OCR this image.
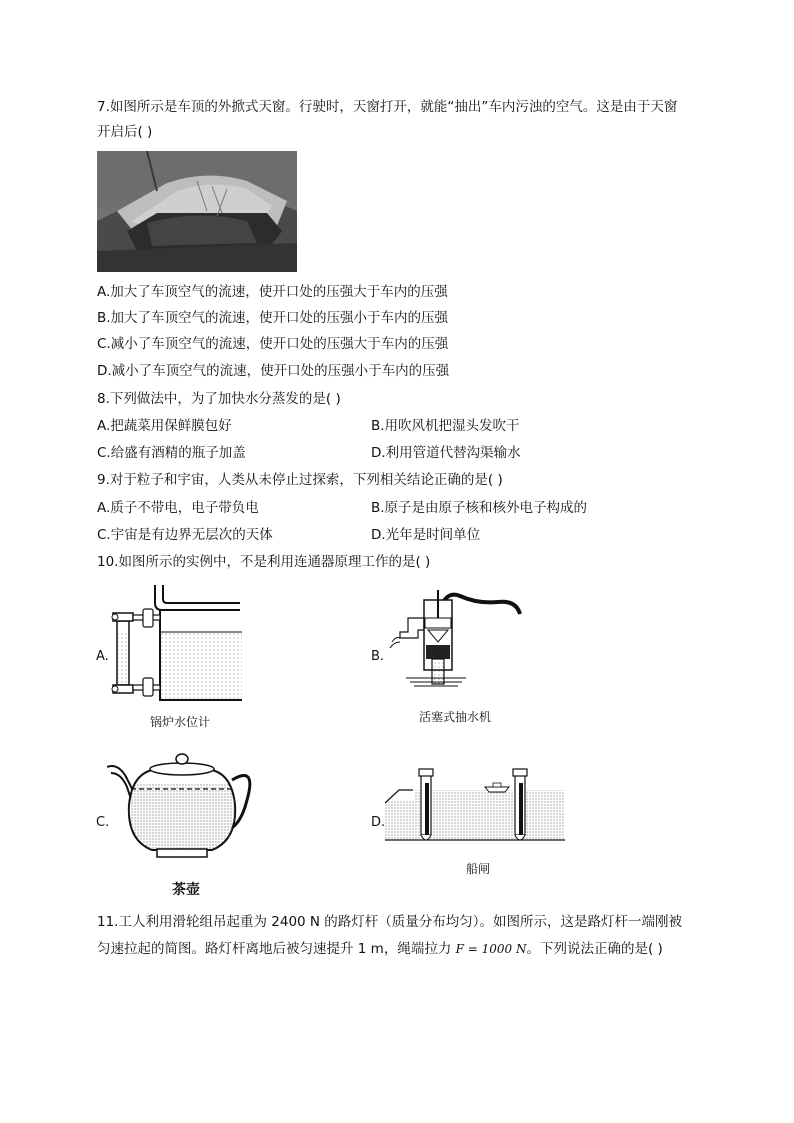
7.如图所示是车顶的外掀式天窗。行驶时，天窗打开，就能“抽出”车内污浊的空气。这是由于天窗
开启后( )
A.加大了车顶空气的流速，使开口处的压强大于车内的压强
B.加大了车顶空气的流速，使开口处的压强小于车内的压强
C.减小了车顶空气的流速，使开口处的压强大于车内的压强
D.减小了车顶空气的流速，使开口处的压强小于车内的压强
8.下列做法中，为了加快水分蒸发的是( )
A.把蔬菜用保鲜膜包好	B.用吹风机把湿头发吹干
C.给盛有酒精的瓶子加盖	D.利用管道代替沟渠输水
9.对于粒子和宇宙，人类从未停止过探索，下列相关结论正确的是( )
A.质子不带电，电子带负电	B.原子是由原子核和核外电子构成的
C.宇宙是有边界无层次的天体	D.光年是时间单位
10.如图所示的实例中，不是利用连通器原理工作的是( )
A.
锅炉水位计
B.
活塞式抽水机
C.
茶壶
D.
船闸
11.工人利用滑轮组吊起重为 2400 N 的路灯杆（质量分布均匀）。如图所示，这是路灯杆一端刚被
匀速拉起的简图。路灯杆离地后被匀速提升 1 m，绳端拉力 F = 1000 N。下列说法正确的是( )
